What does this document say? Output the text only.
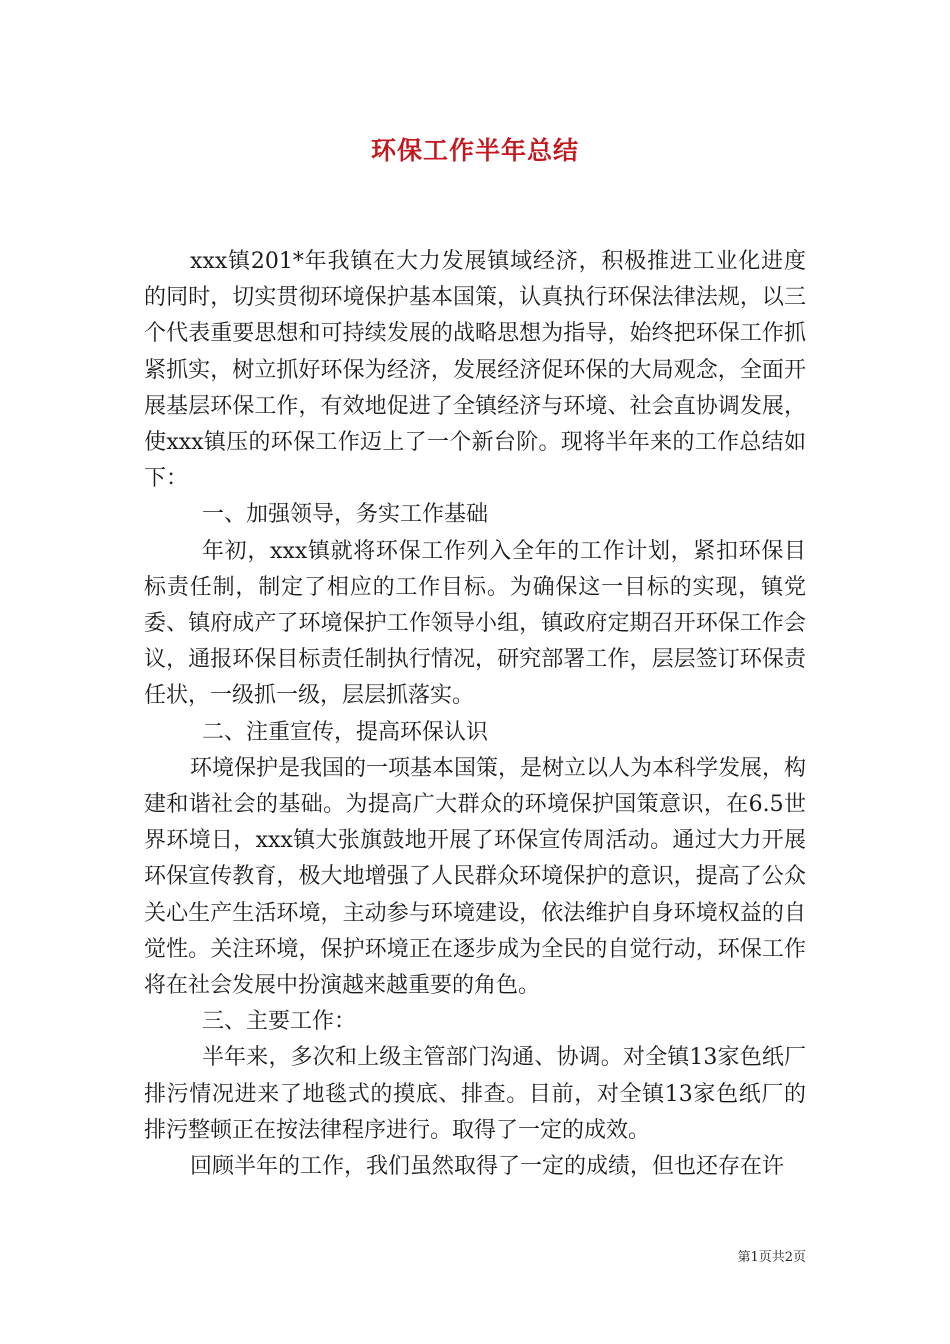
环保工作半年总结

xxx镇201*年我镇在大力发展镇域经济，积极推进工业化进度的同时，切实贯彻环境保护基本国策，认真执行环保法律法规，以三个代表重要思想和可持续发展的战略思想为指导，始终把环保工作抓紧抓实，树立抓好环保为经济，发展经济促环保的大局观念，全面开展基层环保工作，有效地促进了全镇经济与环境、社会直协调发展，使xxx镇压的环保工作迈上了一个新台阶。现将半年来的工作总结如下：

一、加强领导，务实工作基础

年初，xxx镇就将环保工作列入全年的工作计划，紧扣环保目标责任制，制定了相应的工作目标。为确保这一目标的实现，镇党委、镇府成产了环境保护工作领导小组，镇政府定期召开环保工作会议，通报环保目标责任制执行情况，研究部署工作，层层签订环保责任状，一级抓一级，层层抓落实。

二、注重宣传，提高环保认识

环境保护是我国的一项基本国策，是树立以人为本科学发展，构建和谐社会的基础。为提高广大群众的环境保护国策意识，在6.5世界环境日，xxx镇大张旗鼓地开展了环保宣传周活动。通过大力开展环保宣传教育，极大地增强了人民群众环境保护的意识，提高了公众关心生产生活环境，主动参与环境建设，依法维护自身环境权益的自觉性。关注环境，保护环境正在逐步成为全民的自觉行动，环保工作将在社会发展中扮演越来越重要的角色。

三、主要工作：

半年来，多次和上级主管部门沟通、协调。对全镇13家色纸厂排污情况进来了地毯式的摸底、排查。目前，对全镇13家色纸厂的排污整顿正在按法律程序进行。取得了一定的成效。

回顾半年的工作，我们虽然取得了一定的成绩，但也还存在许

第1页共2页
